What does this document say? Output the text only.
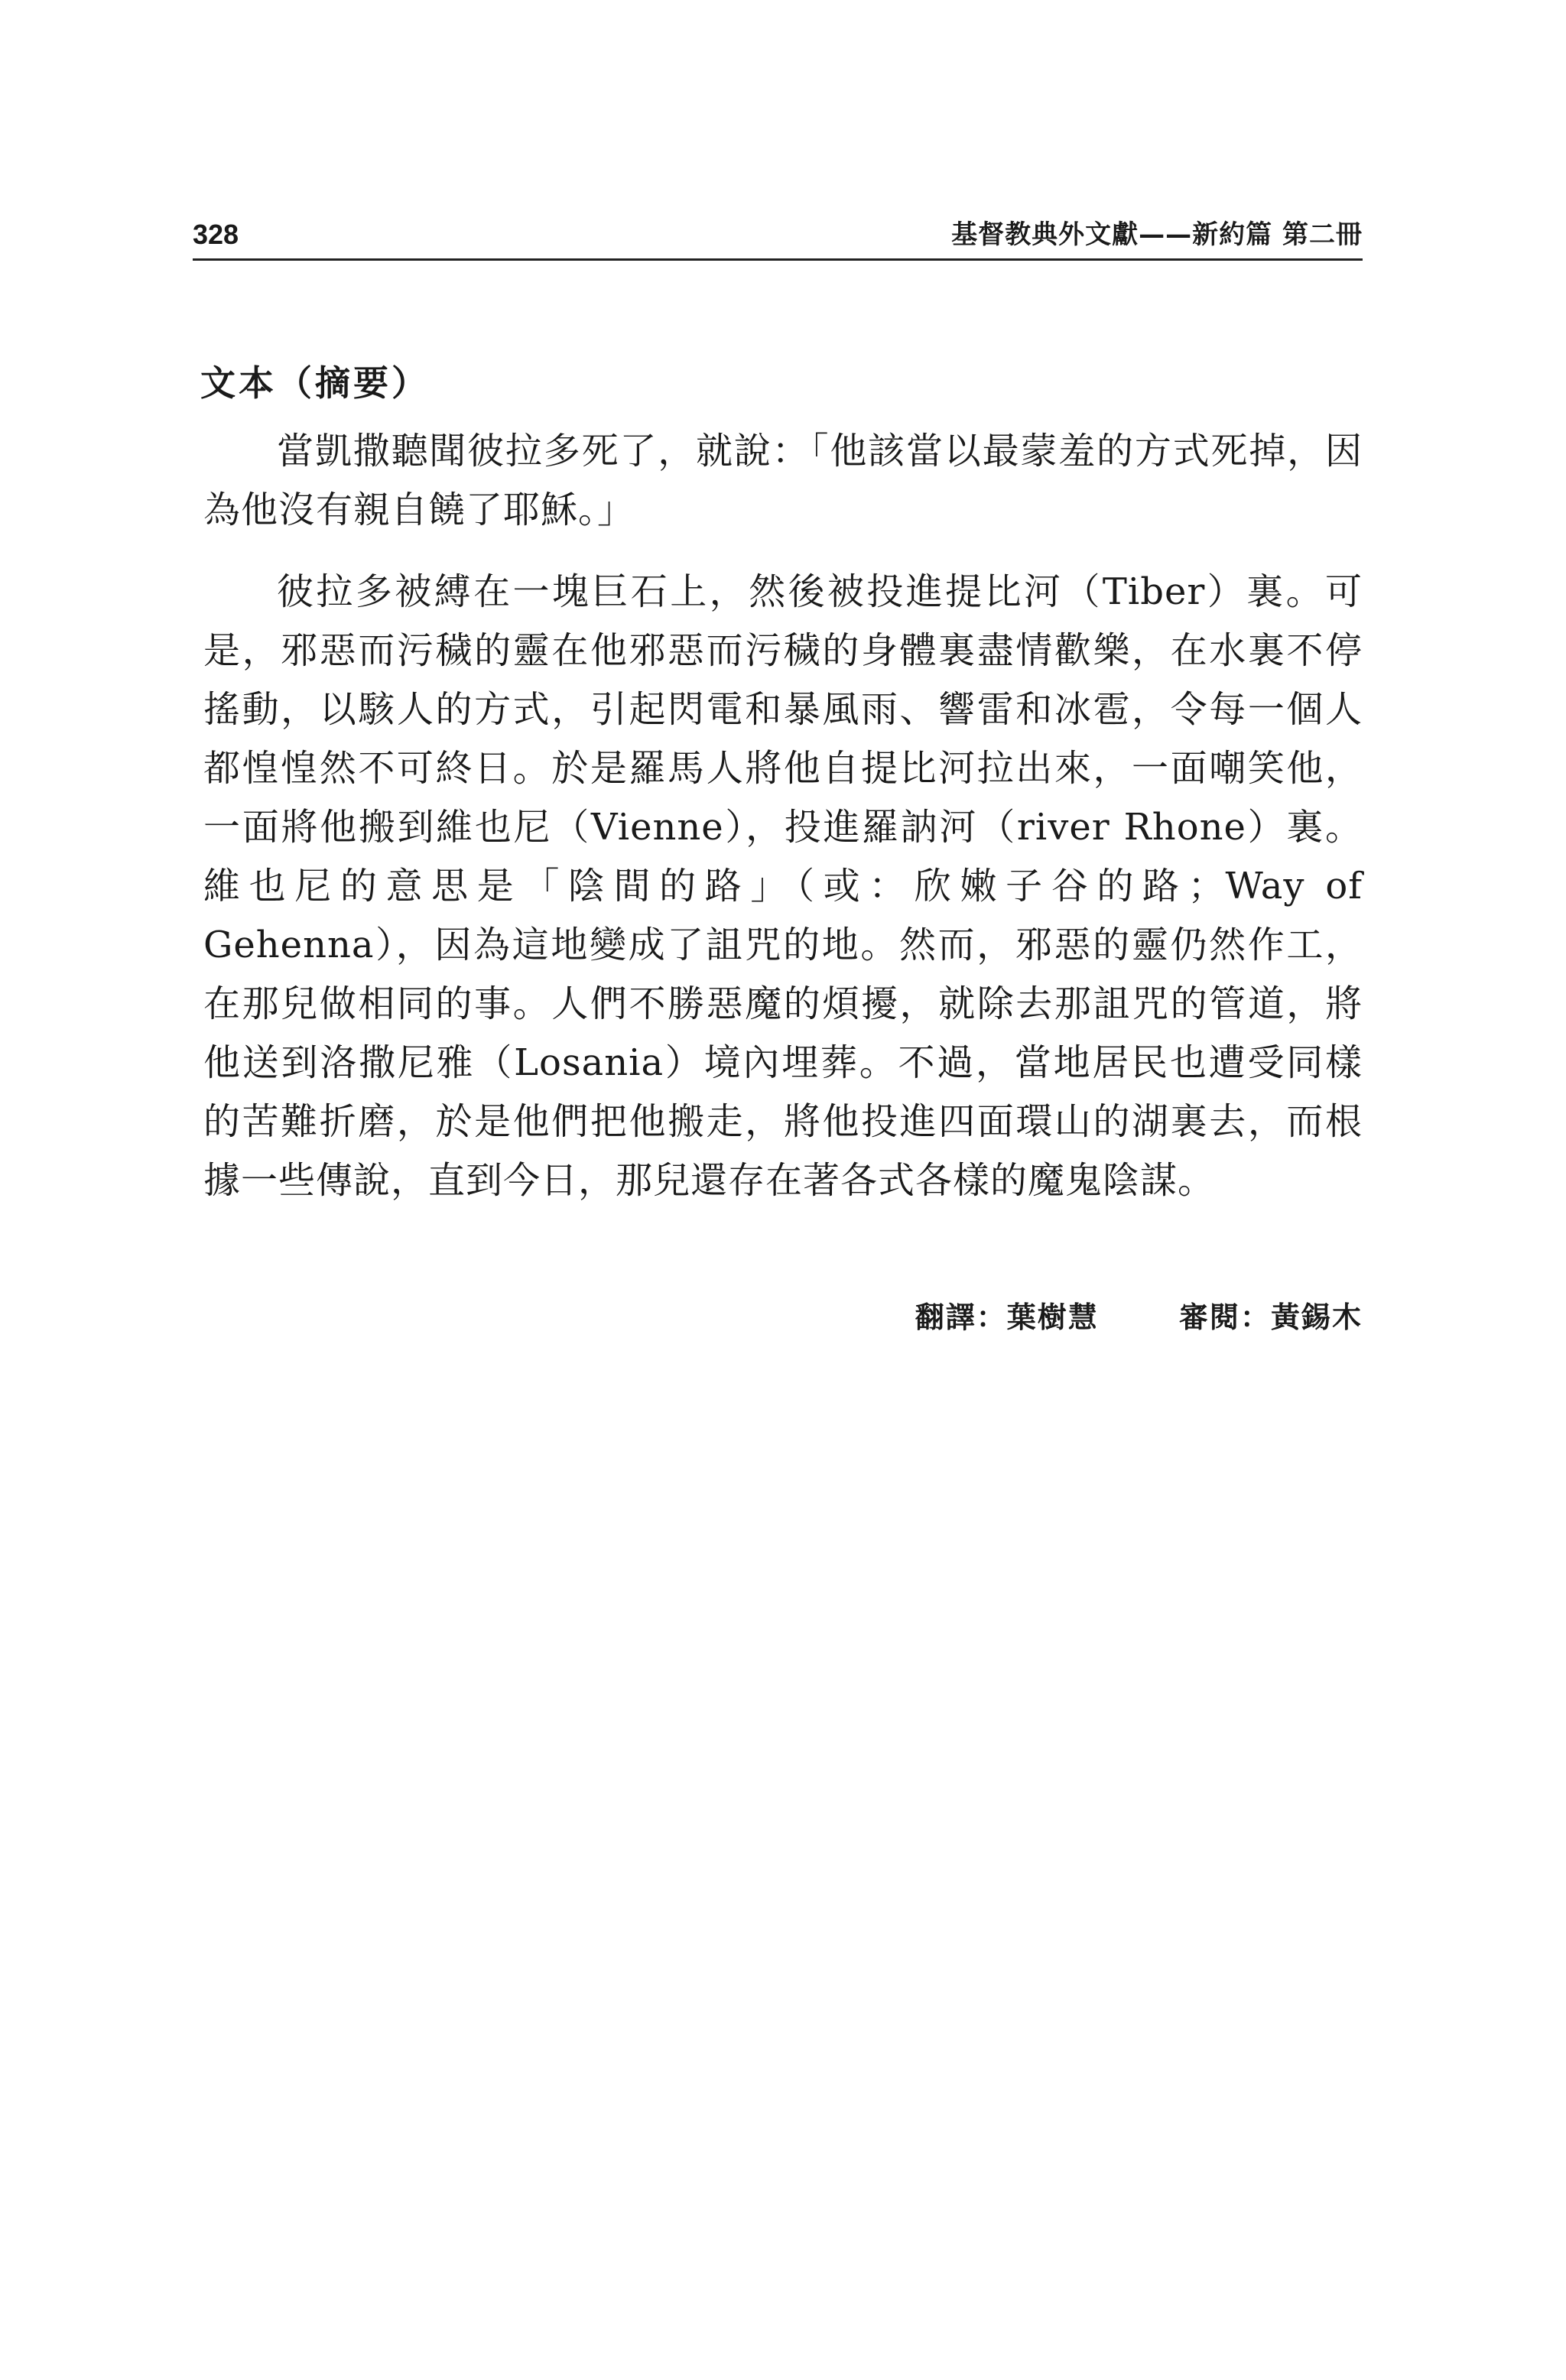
328	基督教典外文獻——新約篇 第二冊
文本（摘要）

當凱撒聽聞彼拉多死了，就說：「他該當以最蒙羞的方式死掉，因為他沒有親自饒了耶穌。」

彼拉多被縛在一塊巨石上，然後被投進提比河（Tiber）裏。可是，邪惡而污穢的靈在他邪惡而污穢的身體裏盡情歡樂，在水裏不停搖動，以駭人的方式，引起閃電和暴風雨、響雷和冰雹，令每一個人都惶惶然不可終日。於是羅馬人將他自提比河拉出來，一面嘲笑他，一面將他搬到維也尼（Vienne），投進羅訥河（river Rhone）裏。維也尼的意思是「陰間的路」（或：欣嫩子谷的路；Way of Gehenna），因為這地變成了詛咒的地。然而，邪惡的靈仍然作工，在那兒做相同的事。人們不勝惡魔的煩擾，就除去那詛咒的管道，將他送到洛撒尼雅（Losania）境內埋葬。不過，當地居民也遭受同樣的苦難折磨，於是他們把他搬走，將他投進四面環山的湖裏去，而根據一些傳說，直到今日，那兒還存在著各式各樣的魔鬼陰謀。

翻譯：葉樹慧	審閱：黃錫木
